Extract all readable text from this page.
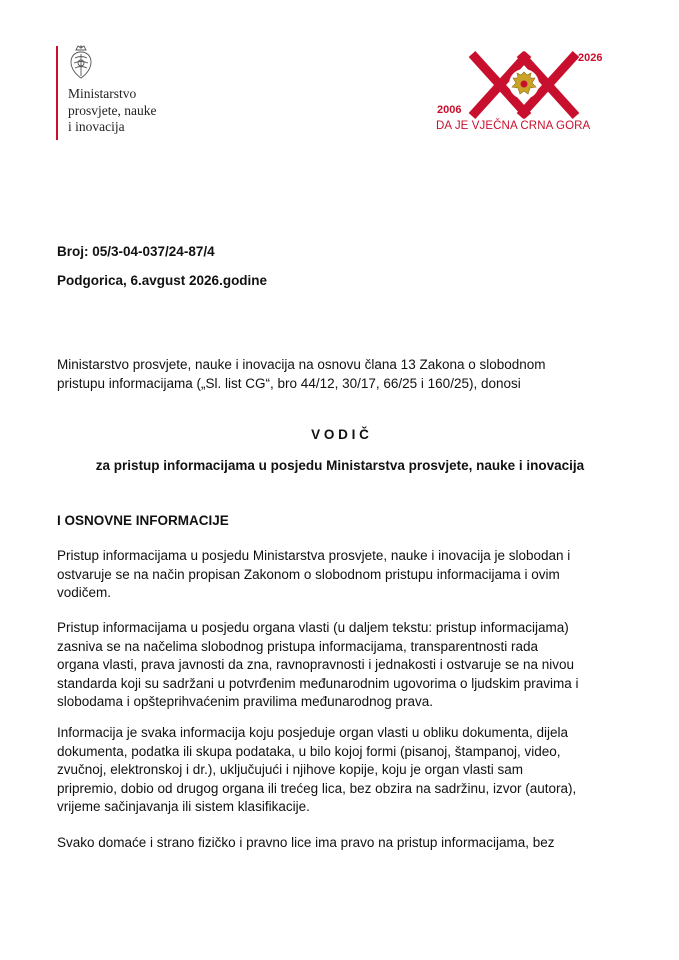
Ministarstvo
prosvjete, nauke
i inovacija
2026
2006
DA JE VJEČNA CRNA GORA
Broj: 05/3-04-037/24-87/4
Podgorica, 6.avgust 2026.godine
Ministarstvo prosvjete, nauke i inovacija na osnovu člana 13 Zakona o slobodnom
pristupu informacijama („Sl. list CG“, bro 44/12, 30/17, 66/25 i 160/25), donosi
V O D I Č
za pristup informacijama u posjedu Ministarstva prosvjete, nauke i inovacija
I OSNOVNE INFORMACIJE
Pristup informacijama u posjedu Ministarstva prosvjete, nauke i inovacija je slobodan i
ostvaruje se na način propisan Zakonom o slobodnom pristupu informacijama i ovim
vodičem.
Pristup informacijama u posjedu organa vlasti (u daljem tekstu: pristup informacijama)
zasniva se na načelima slobodnog pristupa informacijama, transparentnosti rada
organa vlasti, prava javnosti da zna, ravnopravnosti i jednakosti i ostvaruje se na nivou
standarda koji su sadržani u potvrđenim međunarodnim ugovorima o ljudskim pravima i
slobodama i opšteprihvaćenim pravilima međunarodnog prava.
Informacija je svaka informacija koju posjeduje organ vlasti u obliku dokumenta, dijela
dokumenta, podatka ili skupa podataka, u bilo kojoj formi (pisanoj, štampanoj, video,
zvučnoj, elektronskoj i dr.), uključujući i njihove kopije, koju je organ vlasti sam
pripremio, dobio od drugog organa ili trećeg lica, bez obzira na sadržinu, izvor (autora),
vrijeme sačinjavanja ili sistem klasifikacije.
Svako domaće i strano fizičko i pravno lice ima pravo na pristup informacijama, bez
